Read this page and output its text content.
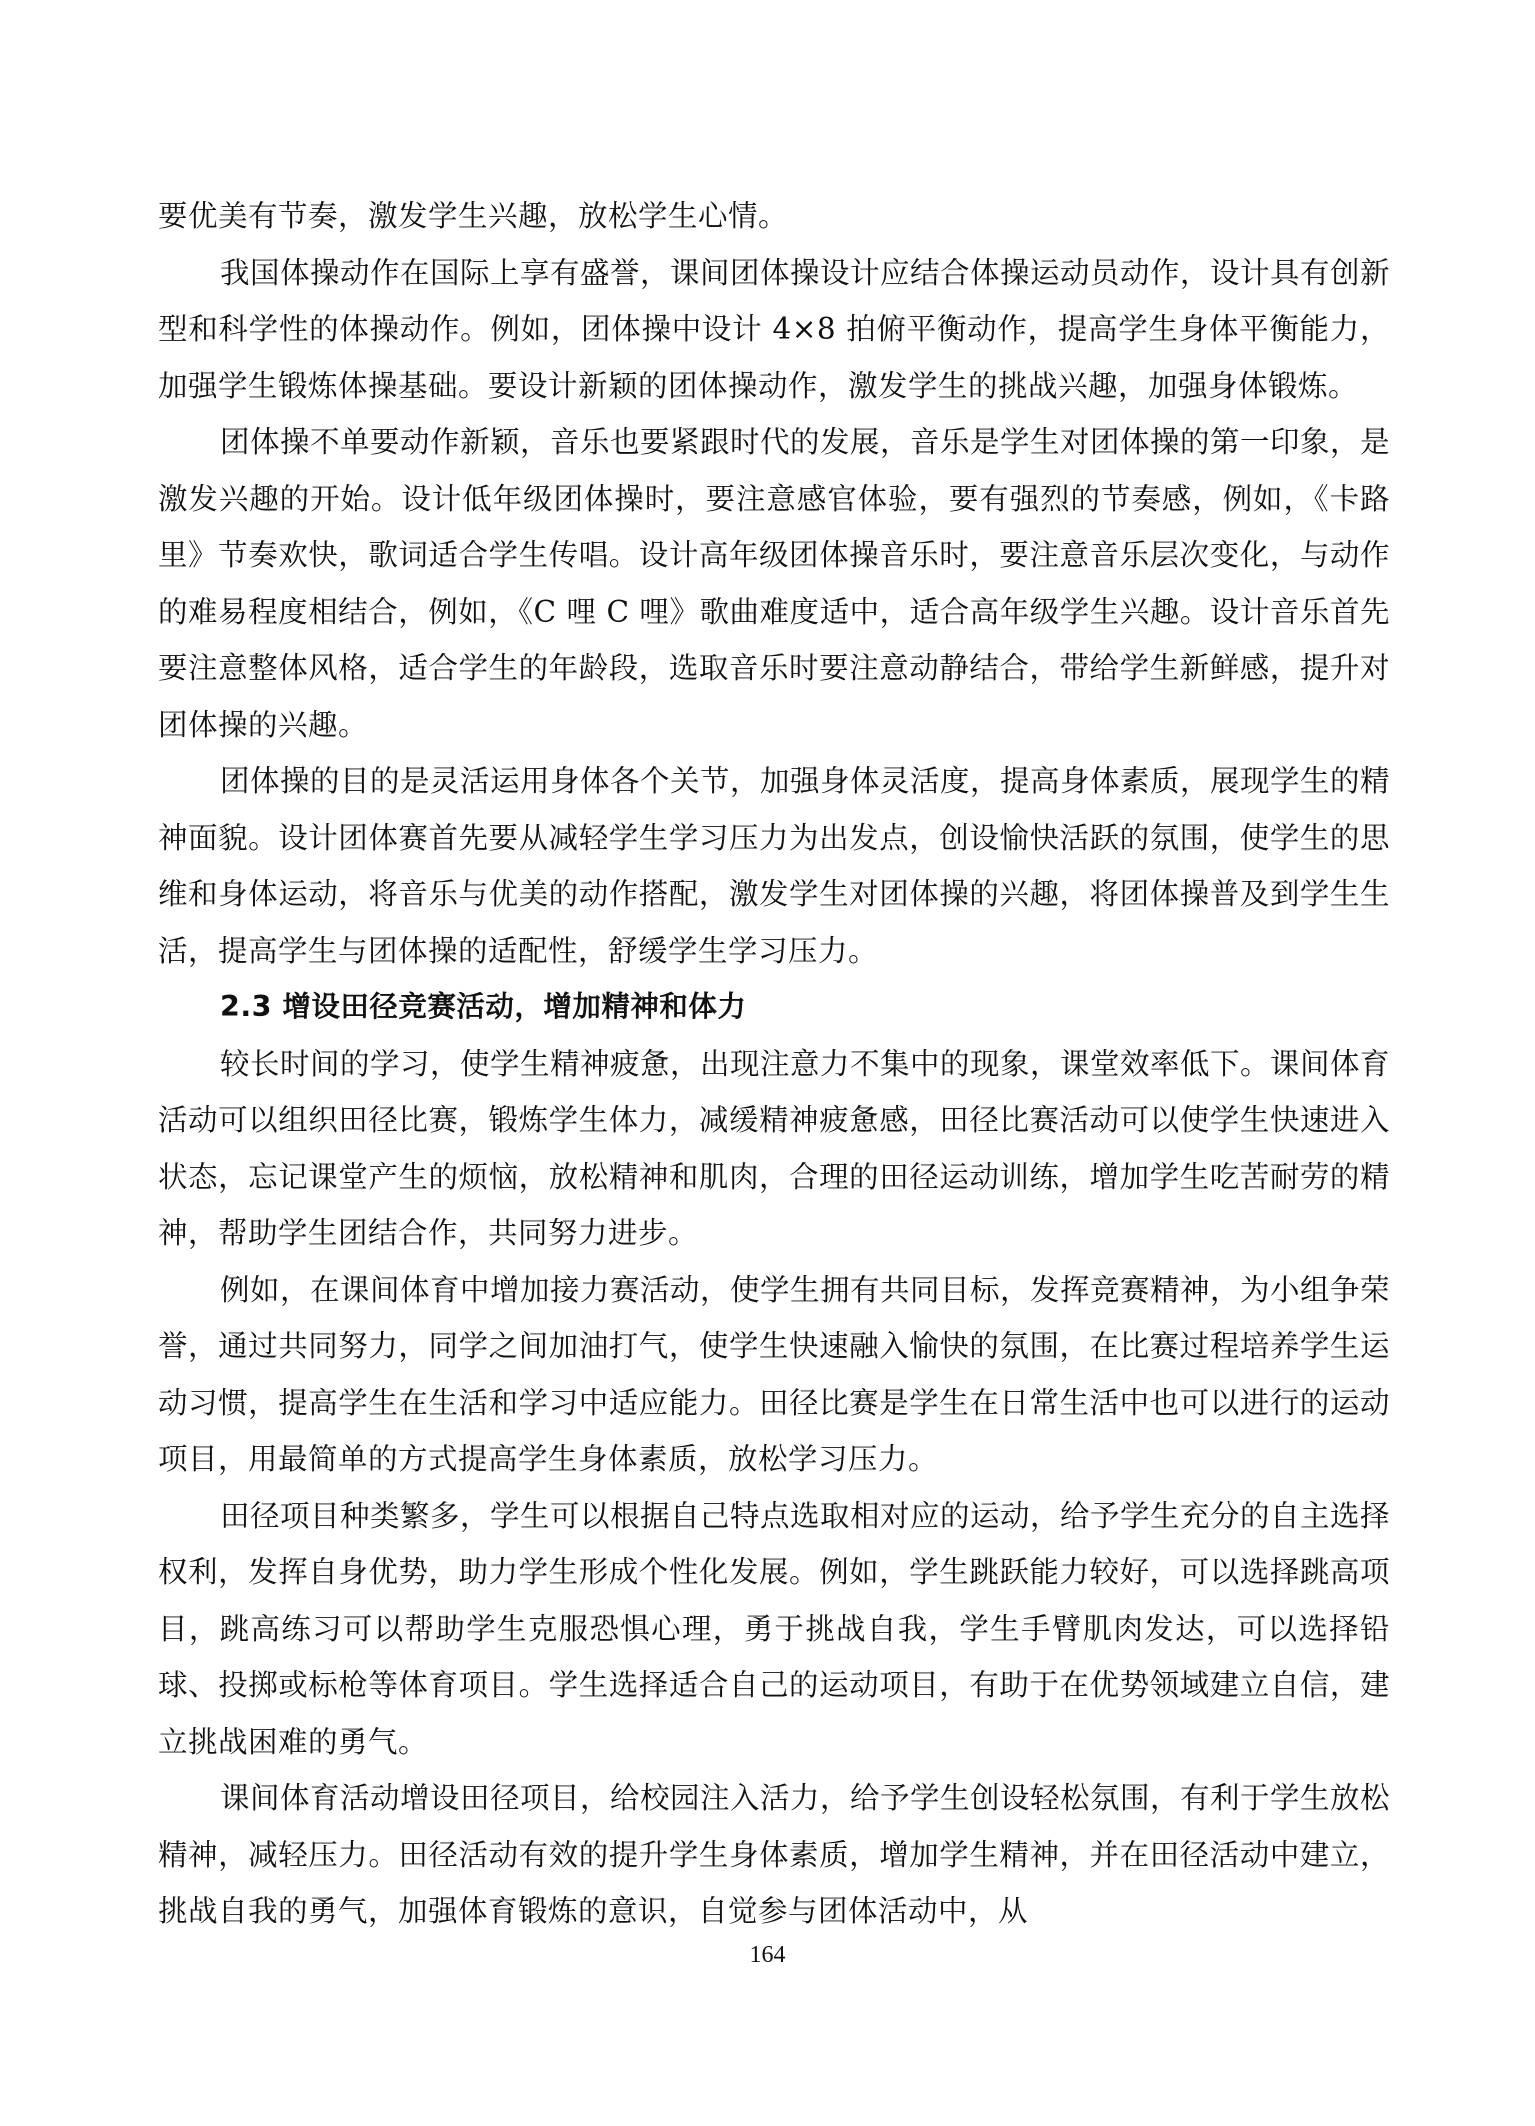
要优美有节奏，激发学生兴趣，放松学生心情。

我国体操动作在国际上享有盛誉，课间团体操设计应结合体操运动员动作，设计具有创新型和科学性的体操动作。例如，团体操中设计 4×8 拍俯平衡动作，提高学生身体平衡能力，加强学生锻炼体操基础。要设计新颖的团体操动作，激发学生的挑战兴趣，加强身体锻炼。

团体操不单要动作新颖，音乐也要紧跟时代的发展，音乐是学生对团体操的第一印象，是激发兴趣的开始。设计低年级团体操时，要注意感官体验，要有强烈的节奏感，例如，《卡路里》节奏欢快，歌词适合学生传唱。设计高年级团体操音乐时，要注意音乐层次变化，与动作的难易程度相结合，例如，《C 哩 C 哩》歌曲难度适中，适合高年级学生兴趣。设计音乐首先要注意整体风格，适合学生的年龄段，选取音乐时要注意动静结合，带给学生新鲜感，提升对团体操的兴趣。

团体操的目的是灵活运用身体各个关节，加强身体灵活度，提高身体素质，展现学生的精神面貌。设计团体赛首先要从减轻学生学习压力为出发点，创设愉快活跃的氛围，使学生的思维和身体运动，将音乐与优美的动作搭配，激发学生对团体操的兴趣，将团体操普及到学生生活，提高学生与团体操的适配性，舒缓学生学习压力。

2.3 增设田径竞赛活动，增加精神和体力

较长时间的学习，使学生精神疲惫，出现注意力不集中的现象，课堂效率低下。课间体育活动可以组织田径比赛，锻炼学生体力，减缓精神疲惫感，田径比赛活动可以使学生快速进入状态，忘记课堂产生的烦恼，放松精神和肌肉，合理的田径运动训练，增加学生吃苦耐劳的精神，帮助学生团结合作，共同努力进步。

例如，在课间体育中增加接力赛活动，使学生拥有共同目标，发挥竞赛精神，为小组争荣誉，通过共同努力，同学之间加油打气，使学生快速融入愉快的氛围，在比赛过程培养学生运动习惯，提高学生在生活和学习中适应能力。田径比赛是学生在日常生活中也可以进行的运动项目，用最简单的方式提高学生身体素质，放松学习压力。

田径项目种类繁多，学生可以根据自己特点选取相对应的运动，给予学生充分的自主选择权利，发挥自身优势，助力学生形成个性化发展。例如，学生跳跃能力较好，可以选择跳高项目，跳高练习可以帮助学生克服恐惧心理，勇于挑战自我，学生手臂肌肉发达，可以选择铅球、投掷或标枪等体育项目。学生选择适合自己的运动项目，有助于在优势领域建立自信，建立挑战困难的勇气。

课间体育活动增设田径项目，给校园注入活力，给予学生创设轻松氛围，有利于学生放松精神，减轻压力。田径活动有效的提升学生身体素质，增加学生精神，并在田径活动中建立，挑战自我的勇气，加强体育锻炼的意识，自觉参与团体活动中，从

164
